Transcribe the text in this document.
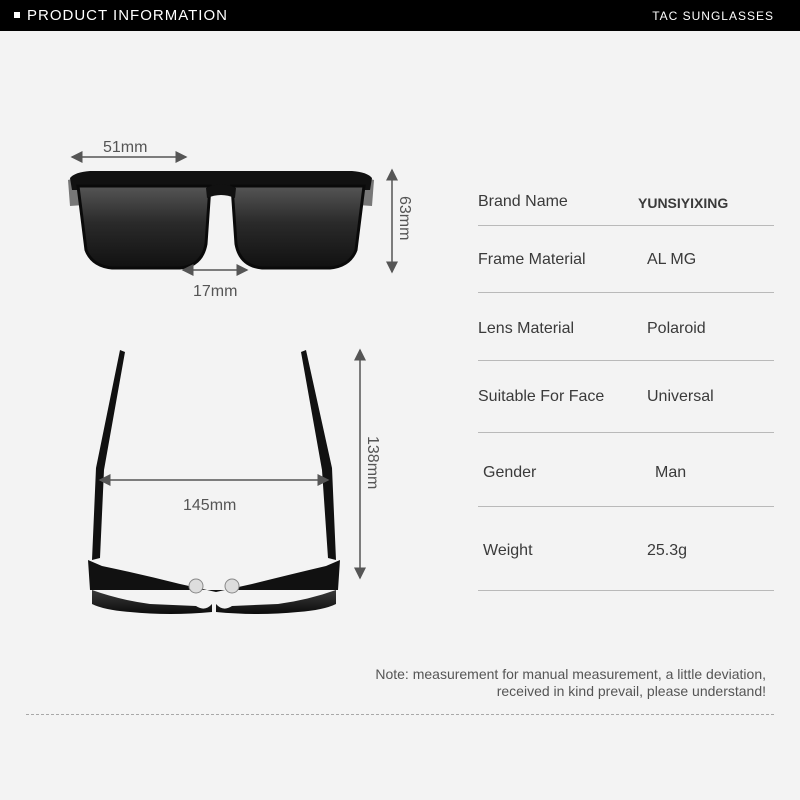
PRODUCT INFORMATION	TAC SUNGLASSES
51mm
63mm
17mm
145mm
138mm
Brand Name	YUNSIYIXING
Frame Material	AL MG
Lens Material	Polaroid
Suitable For Face	Universal
Gender	Man
Weight	25.3g
Note: measurement for manual measurement, a little deviation,
received in kind prevail, please understand!
